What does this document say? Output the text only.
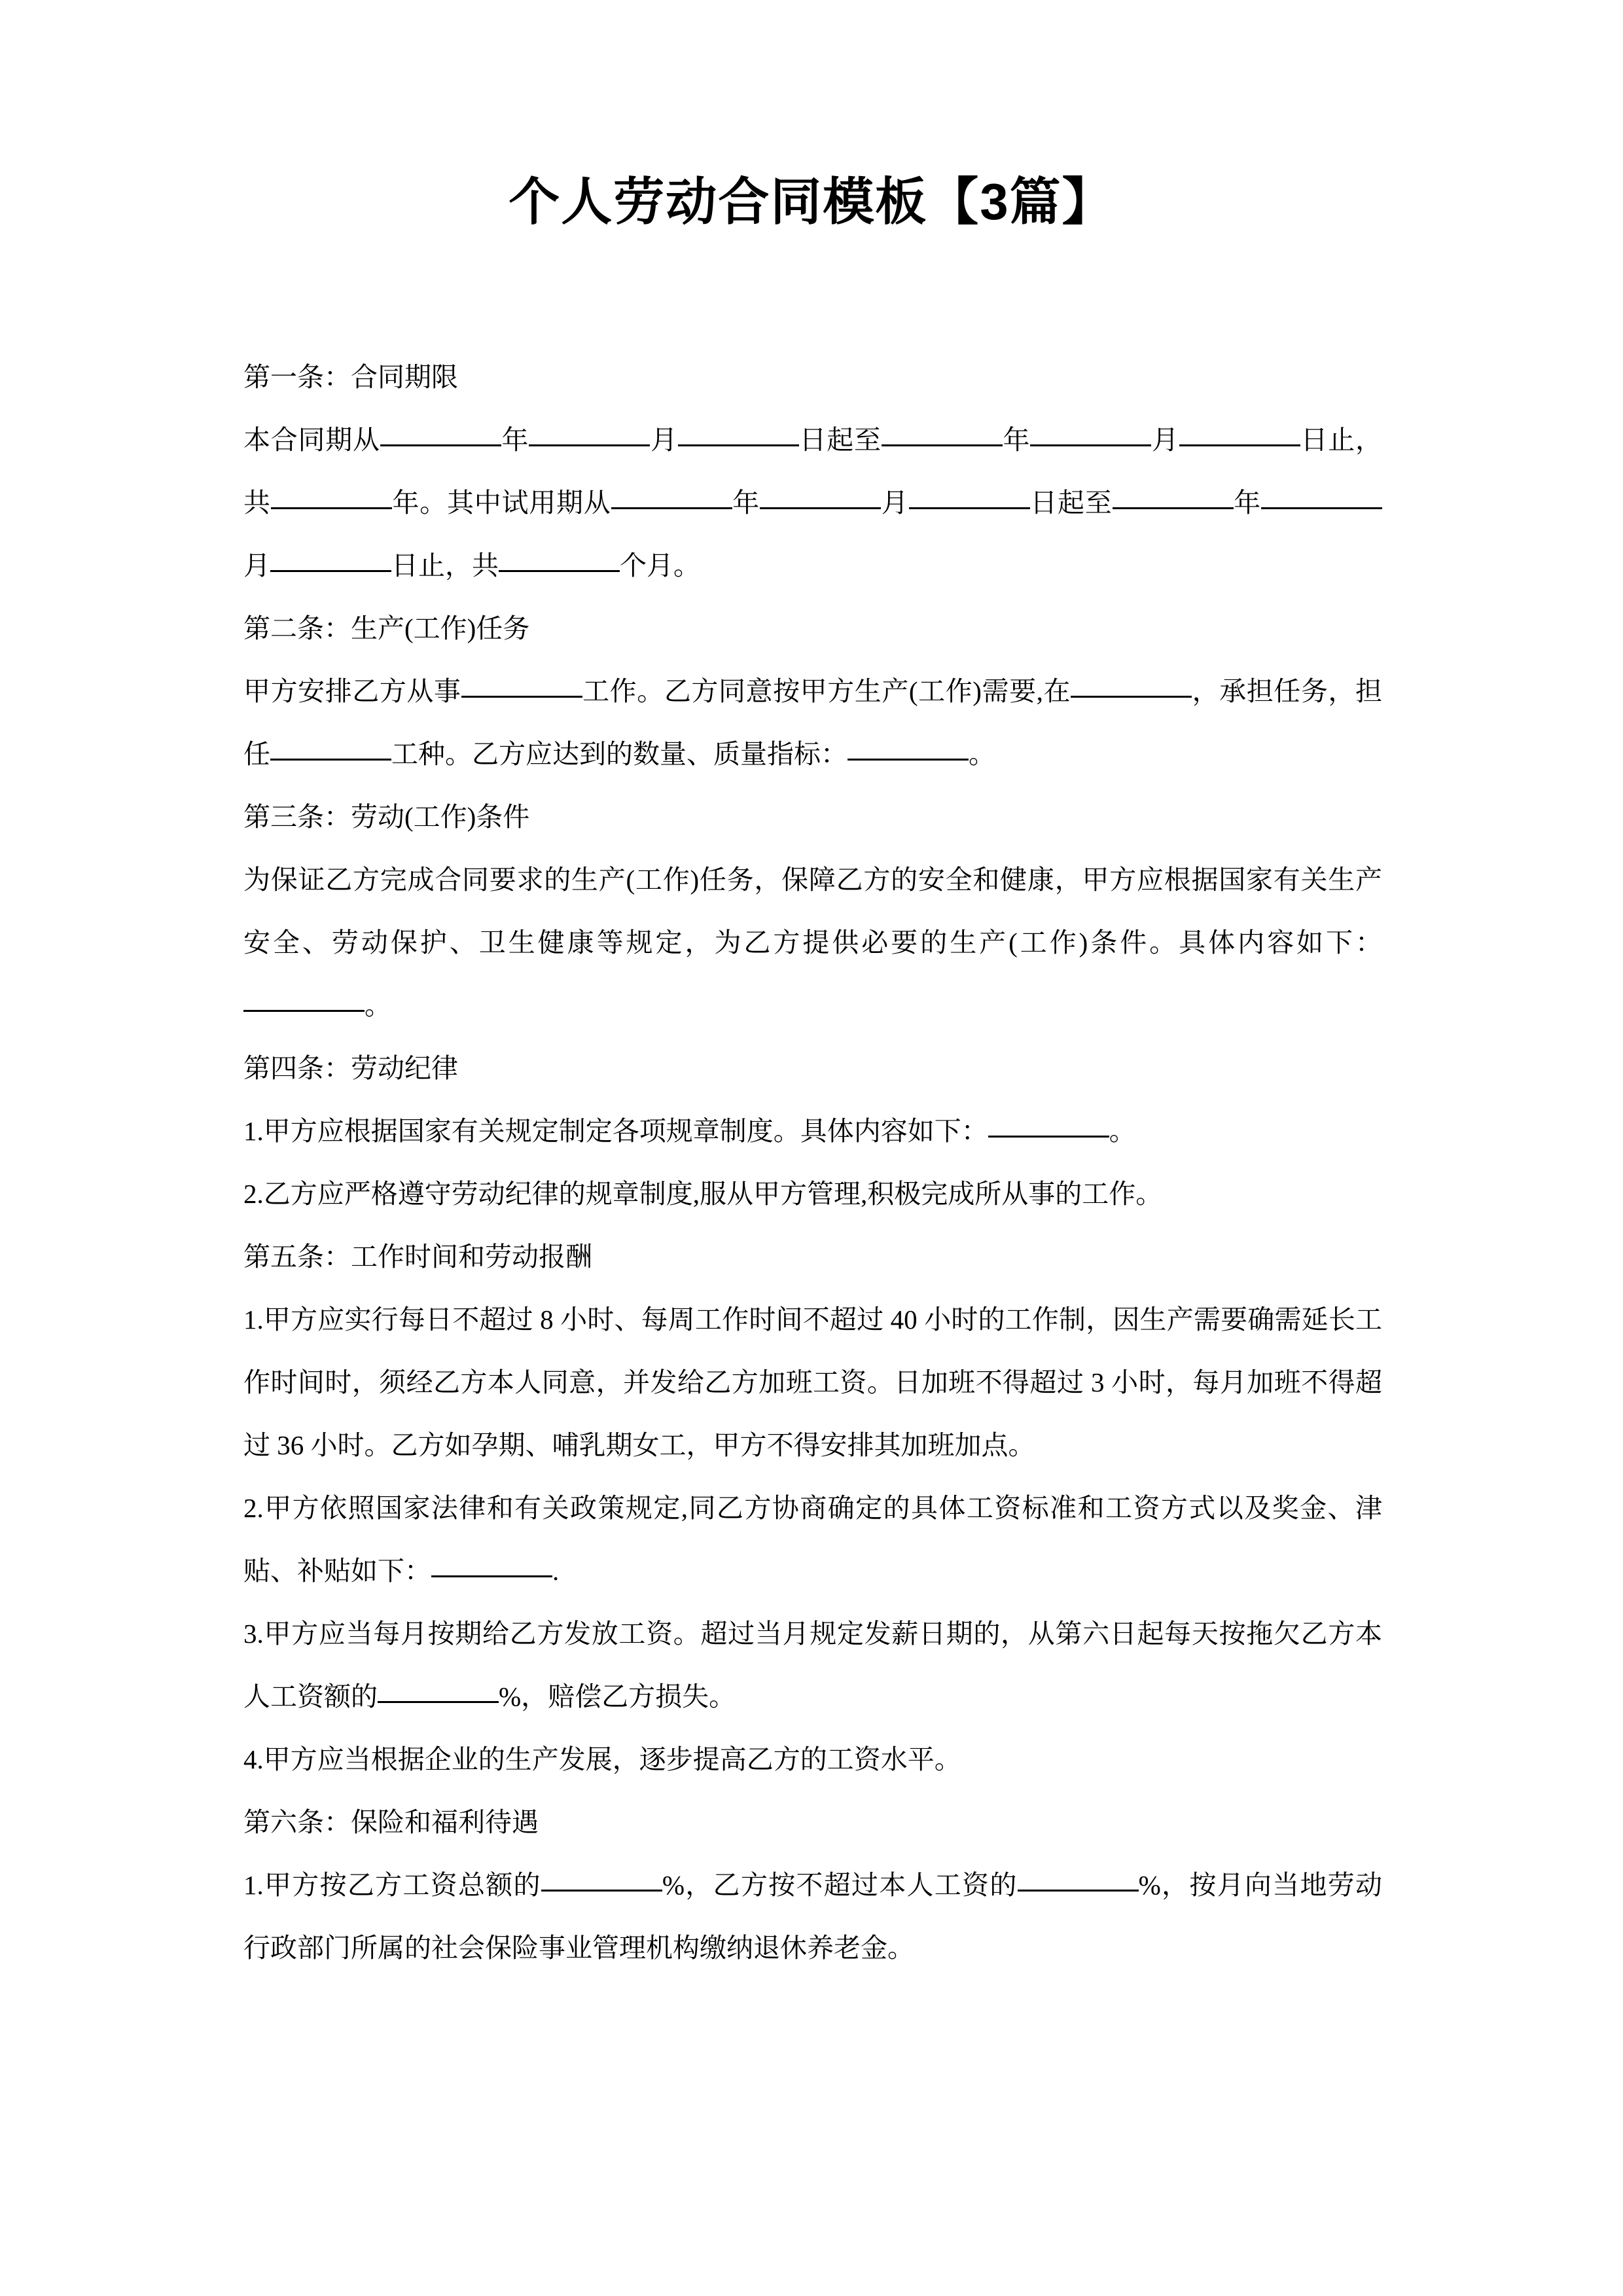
个人劳动合同模板【3篇】

第一条：合同期限

本合同期从	年	月	日起至	年	月	日止，共	年。其中试用期从	年	月	日起至	年月	日止，共	个月。

第二条：生产(工作)任务

甲方安排乙方从事	工作。乙方同意按甲方生产(工作)需要,在	，承担任务，担任	工种。乙方应达到的数量、质量指标：	。

第三条：劳动(工作)条件

为保证乙方完成合同要求的生产(工作)任务，保障乙方的安全和健康，甲方应根据国家有关生产安全、劳动保护、卫生健康等规定，为乙方提供必要的生产(工作)条件。具体内容如下：。

第四条：劳动纪律

1.甲方应根据国家有关规定制定各项规章制度。具体内容如下：	。

2.乙方应严格遵守劳动纪律的规章制度,服从甲方管理,积极完成所从事的工作。

第五条：工作时间和劳动报酬

1.甲方应实行每日不超过 8 小时、每周工作时间不超过 40 小时的工作制，因生产需要确需延长工作时间时，须经乙方本人同意，并发给乙方加班工资。日加班不得超过 3 小时，每月加班不得超过 36 小时。乙方如孕期、哺乳期女工，甲方不得安排其加班加点。

2.甲方依照国家法律和有关政策规定,同乙方协商确定的具体工资标准和工资方式以及奖金、津贴、补贴如下：	.

3.甲方应当每月按期给乙方发放工资。超过当月规定发薪日期的，从第六日起每天按拖欠乙方本人工资额的	%，赔偿乙方损失。

4.甲方应当根据企业的生产发展，逐步提高乙方的工资水平。

第六条：保险和福利待遇

1.甲方按乙方工资总额的	%，乙方按不超过本人工资的	%，按月向当地劳动行政部门所属的社会保险事业管理机构缴纳退休养老金。
